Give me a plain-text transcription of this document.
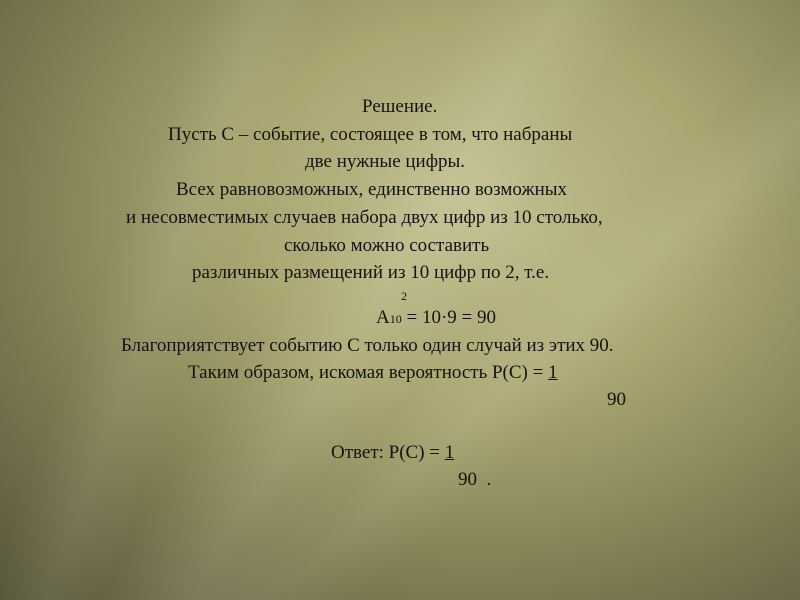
Решение.
Пусть С – событие, состоящее в том, что набраны
две нужные цифры.
Всех равновозможных, единственно возможных
и несовместимых случаев набора двух цифр из 10 столько,
сколько можно составить
различных размещений из 10 цифр по 2, т.е.
2
А10 = 10·9 = 90
Благоприятствует событию С только один случай из этих 90.
Таким образом, искомая вероятность Р(С) = 1
90
Ответ: Р(С) = 1
90  .
